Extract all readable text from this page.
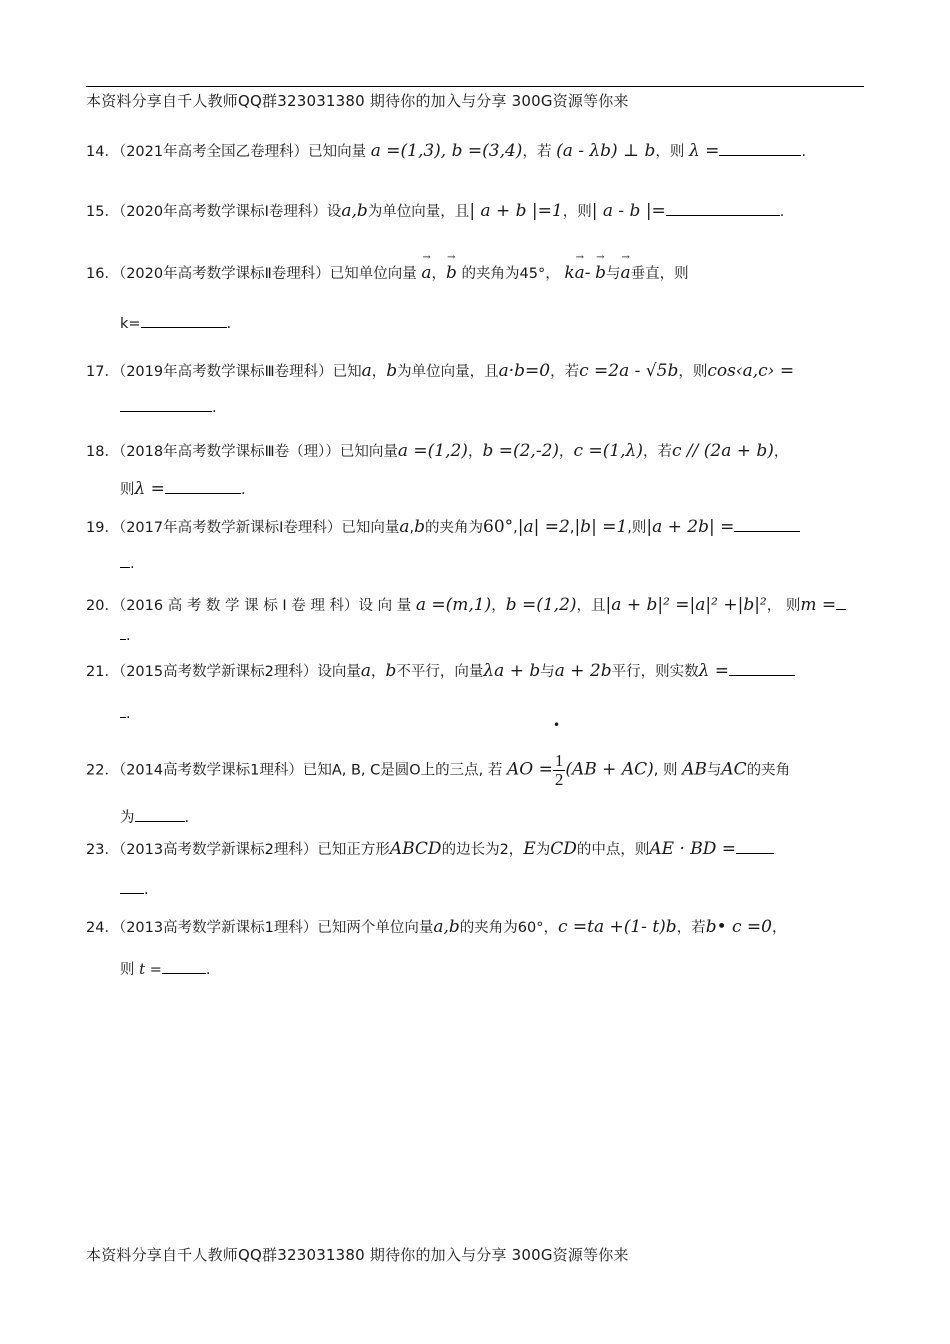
本资料分享自千人教师QQ群323031380 期待你的加入与分享 300G资源等你来
14．（2021年高考全国乙卷理科）已知向量 a =(1,3), b =(3,4)，若 (a - λb) ⊥ b，则 λ =	.
15．（2020年高考数学课标Ⅰ卷理科）设a,b为单位向量，且| a + b |=1，则| a - b |=	.
16．（2020年高考数学课标Ⅱ卷理科）已知单位向量
→
a，
→
b 的夹角为45°， k
→
a-
→
b与
→
a垂直，则
k=	.
17．（2019年高考数学课标Ⅲ卷理科）已知a，b为单位向量，且a·b=0，若c =2a - √5b，则cos‹a,c› =
.
18．（2018年高考数学课标Ⅲ卷（理））已知向量a =(1,2)，b =(2,-2)，c =(1,λ)，若c // (2a + b)，
则λ =	.
19．（2017年高考数学新课标Ⅰ卷理科）已知向量a,b的夹角为60°,|a| =2,|b| =1,则|a + 2b| =
.
20．（2016 高 考 数 学 课 标 Ⅰ 卷 理 科）设 向 量 a =(m,1)，b =(1,2)，且|a + b|² =|a|² +|b|²， 则m =
.
21．（2015高考数学新课标2理科）设向量a，b不平行，向量λa + b与a + 2b平行，则实数λ =
.
•
22．（2014高考数学课标1理科）已知A, B, C是圆O上的三点, 若 AO = $\frac{1}{2} (AB + AC)$, 则 AB与AC的夹角
为	.
23．（2013高考数学新课标2理科）已知正方形ABCD的边长为2，E为CD的中点，则AE · BD =
.
24．（2013高考数学新课标1理科）已知两个单位向量a,b的夹角为60°，c =ta +(1- t)b，若b• c =0，
则 t =	.
本资料分享自千人教师QQ群323031380 期待你的加入与分享 300G资源等你来
